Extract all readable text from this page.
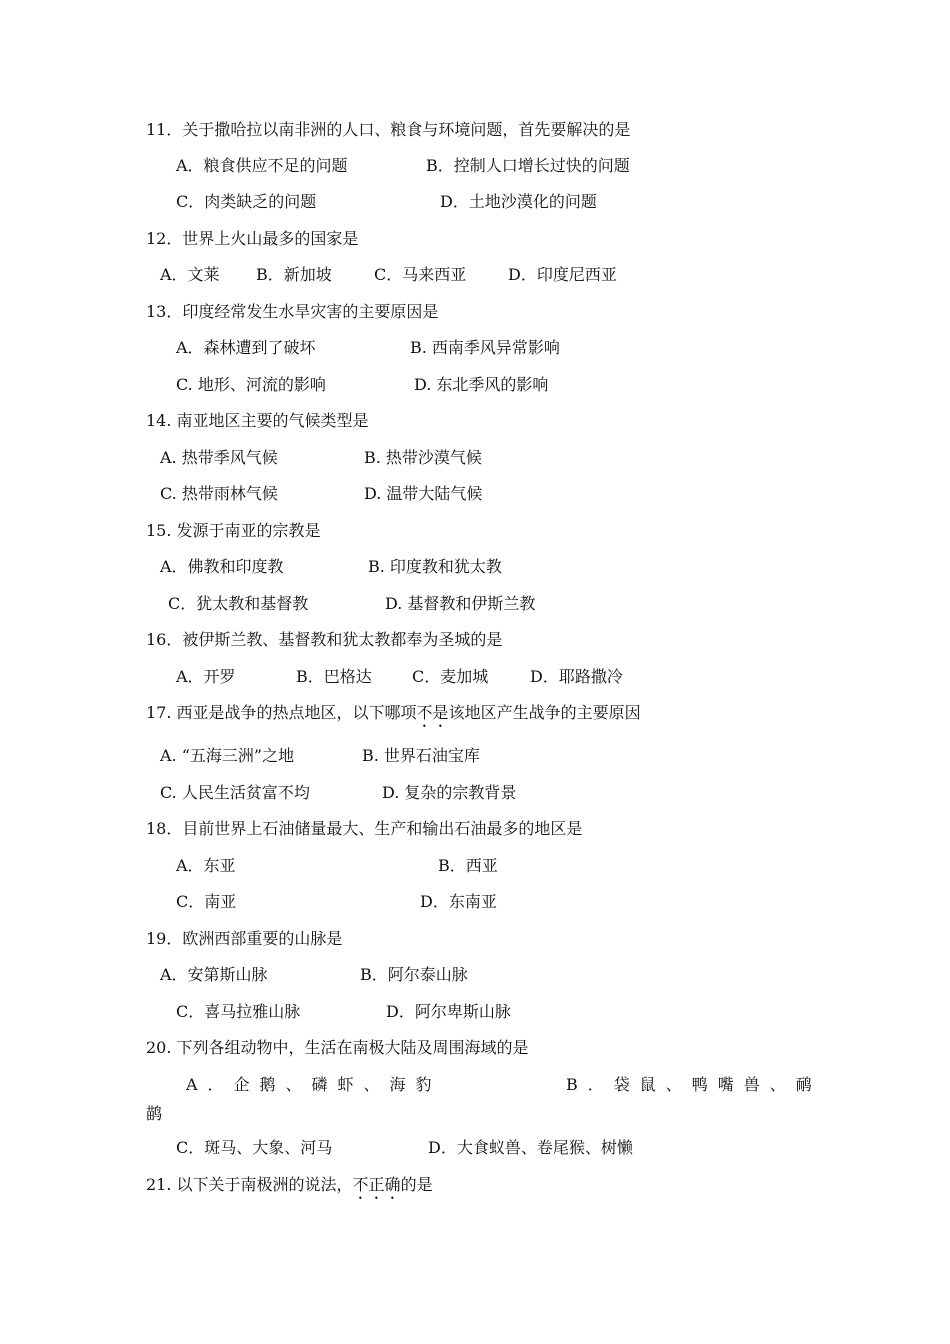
11．关于撒哈拉以南非洲的人口、粮食与环境问题，首先要解决的是
A．粮食供应不足的问题	B．控制人口增长过快的问题
C．肉类缺乏的问题	D．土地沙漠化的问题
12．世界上火山最多的国家是
A．文莱 B．新加坡	C．马来西亚	D．印度尼西亚
13．印度经常发生水旱灾害的主要原因是
A．森林遭到了破坏	B. 西南季风异常影响
C. 地形、河流的影响	D. 东北季风的影响
14. 南亚地区主要的气候类型是
A. 热带季风气候	B. 热带沙漠气候
C. 热带雨林气候	D. 温带大陆气候
15. 发源于南亚的宗教是
A．佛教和印度教	B. 印度教和犹太教
C．犹太教和基督教	D. 基督教和伊斯兰教
16．被伊斯兰教、基督教和犹太教都奉为圣城的是
A．开罗	B．巴格达	C．麦加城	D．耶路撒冷
17. 西亚是战争的热点地区，以下哪项不是该地区产生战争的主要原因
A. “五海三洲”之地	B. 世界石油宝库
C. 人民生活贫富不均	D. 复杂的宗教背景
18．目前世界上石油储量最大、生产和输出石油最多的地区是
A．东亚	B．西亚
C．南亚	D．东南亚
19．欧洲西部重要的山脉是
A．安第斯山脉	B．阿尔泰山脉
C．喜马拉雅山脉	D．阿尔卑斯山脉
20. 下列各组动物中，生活在南极大陆及周围海域的是
A．企鹅、磷虾、海豹	B．袋鼠、鸭嘴兽、鸸
鹋
C．斑马、大象、河马	D．大食蚁兽、卷尾猴、树懒
21. 以下关于南极洲的说法，不正确的是
